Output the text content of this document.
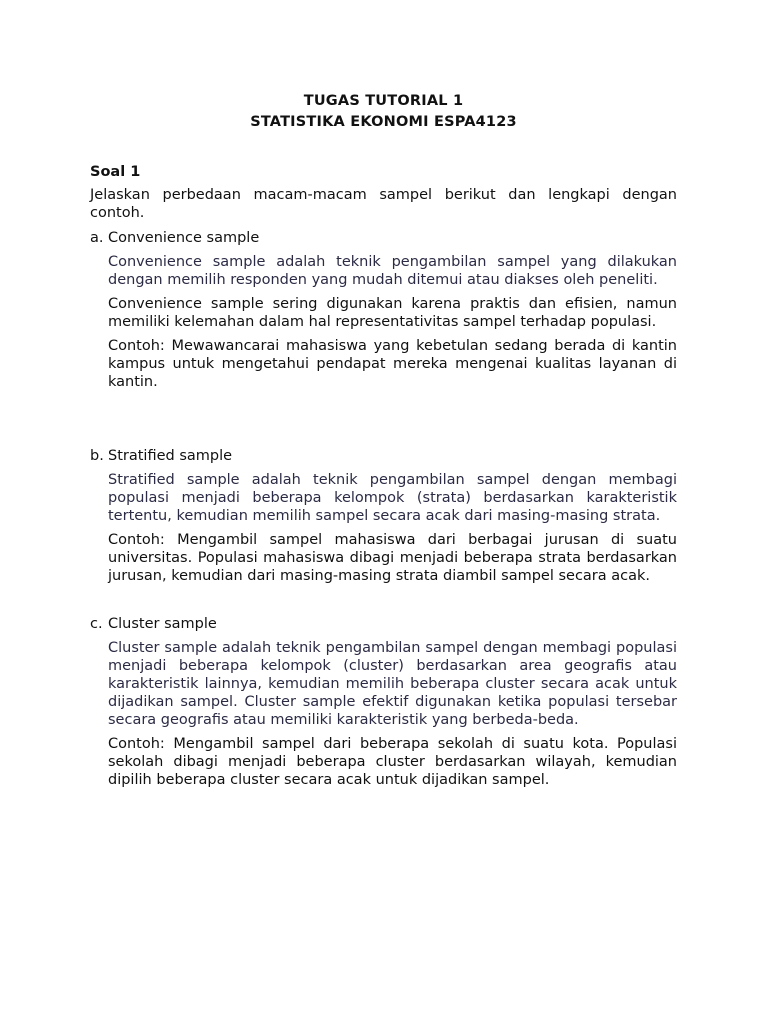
TUGAS TUTORIAL 1
STATISTIKA EKONOMI ESPA4123
Soal 1
Jelaskan perbedaan macam-macam sampel berikut dan lengkapi dengan contoh.
a. Convenience sample
Convenience sample adalah teknik pengambilan sampel yang dilakukan dengan memilih responden yang mudah ditemui atau diakses oleh peneliti.
Convenience sample sering digunakan karena praktis dan efisien, namun memiliki kelemahan dalam hal representativitas sampel terhadap populasi.
Contoh: Mewawancarai mahasiswa yang kebetulan sedang berada di kantin kampus untuk mengetahui pendapat mereka mengenai kualitas layanan di kantin.
b. Stratified sample
Stratified sample adalah teknik pengambilan sampel dengan membagi populasi menjadi beberapa kelompok (strata) berdasarkan karakteristik tertentu, kemudian memilih sampel secara acak dari masing-masing strata.
Contoh: Mengambil sampel mahasiswa dari berbagai jurusan di suatu universitas. Populasi mahasiswa dibagi menjadi beberapa strata berdasarkan jurusan, kemudian dari masing-masing strata diambil sampel secara acak.
c. Cluster sample
Cluster sample adalah teknik pengambilan sampel dengan membagi populasi menjadi beberapa kelompok (cluster) berdasarkan area geografis atau karakteristik lainnya, kemudian memilih beberapa cluster secara acak untuk dijadikan sampel. Cluster sample efektif digunakan ketika populasi tersebar secara geografis atau memiliki karakteristik yang berbeda-beda.
Contoh: Mengambil sampel dari beberapa sekolah di suatu kota. Populasi sekolah dibagi menjadi beberapa cluster berdasarkan wilayah, kemudian dipilih beberapa cluster secara acak untuk dijadikan sampel.
